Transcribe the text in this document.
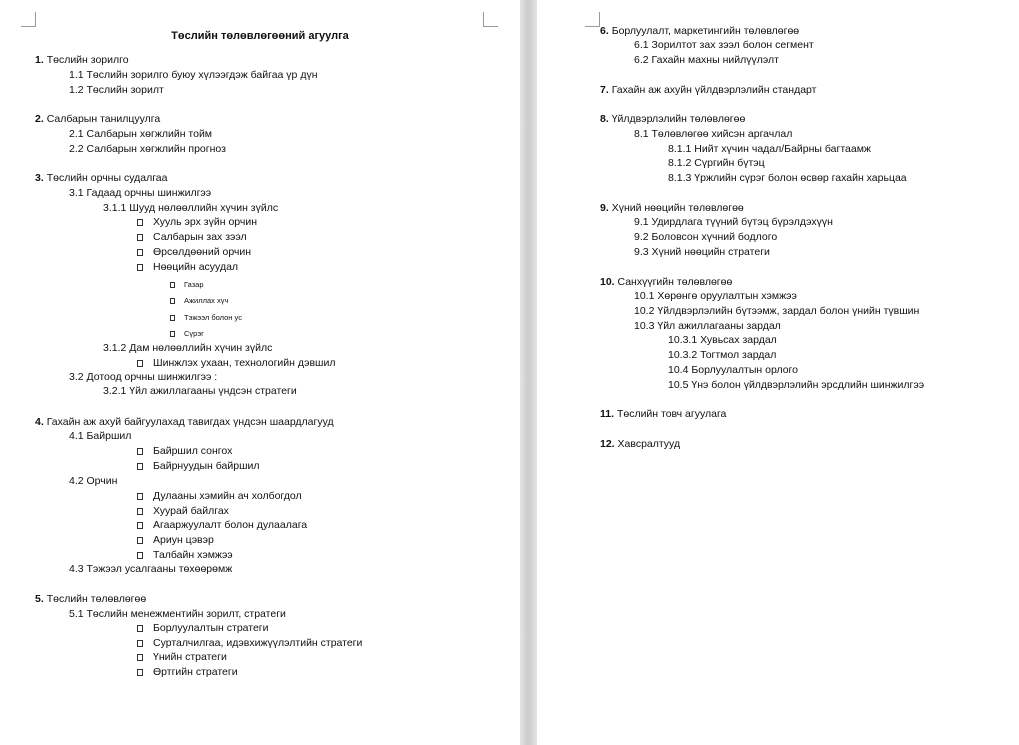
Төслийн төлөвлөгөөний агуулга
1. Төслийн зорилго
1.1 Төслийн зорилго буюу хүлээгдэж байгаа үр дүн
1.2 Төслийн зорилт
2. Салбарын танилцуулга
2.1 Салбарын хөгжлийн тойм
2.2 Салбарын хөгжлийн прогноз
3. Төслийн орчны судалгаа
3.1 Гадаад орчны шинжилгээ
3.1.1 Шууд нөлөөллийн хүчин зүйлс
Хууль эрх зүйн орчин
Салбарын зах зээл
Өрсөлдөөний орчин
Нөөцийн асуудал
Газар
Ажиллах хүч
Тэжээл болон ус
Сүрэг
3.1.2 Дам нөлөөллийн хүчин зүйлс
Шинжлэх ухаан, технологийн дэвшил
3.2 Дотоод орчны шинжилгээ :
3.2.1 Үйл ажиллагааны үндсэн стратеги
4. Гахайн аж ахуй байгуулахад тавигдах үндсэн шаардлагууд
4.1 Байршил
Байршил сонгох
Байрнуудын байршил
4.2 Орчин
Дулааны хэмийн ач холбогдол
Хуурай байлгах
Агааржуулалт болон дулаалага
Ариун цэвэр
Талбайн хэмжээ
4.3 Тэжээл усалгааны төхөөрөмж
5. Төслийн төлөвлөгөө
5.1 Төслийн менежментийн зорилт, стратеги
Борлуулалтын стратеги
Сурталчилгаа, идэвхижүүлэлтийн стратеги
Үнийн стратеги
Өртгийн стратеги
6. Борлуулалт, маркетингийн төлөвлөгөө
6.1 Зорилтот зах зээл болон сегмент
6.2 Гахайн махны нийлүүлэлт
7. Гахайн аж ахуйн үйлдвэрлэлийн стандарт
8. Үйлдвэрлэлийн төлөвлөгөө
8.1 Төлөвлөгөө хийсэн аргачлал
8.1.1 Нийт хүчин чадал/Байрны багтаамж
8.1.2 Сүргийн бүтэц
8.1.3 Үржлийн сүрэг болон өсвөр гахайн харьцаа
9. Хүний нөөцийн төлөвлөгөө
9.1 Удирдлага түүний бүтэц бүрэлдэхүүн
9.2 Боловсон хүчний бодлого
9.3 Хүний нөөцийн стратеги
10. Санхүүгийн төлөвлөгөө
10.1 Хөрөнгө оруулалтын хэмжээ
10.2 Үйлдвэрлэлийн бүтээмж, зардал болон үнийн түвшин
10.3 Үйл ажиллагааны зардал
10.3.1 Хувьсах зардал
10.3.2 Тогтмол зардал
10.4 Борлуулалтын орлого
10.5 Үнэ болон үйлдвэрлэлийн эрсдлийн шинжилгээ
11. Төслийн товч агуулага
12. Хавсралтууд
